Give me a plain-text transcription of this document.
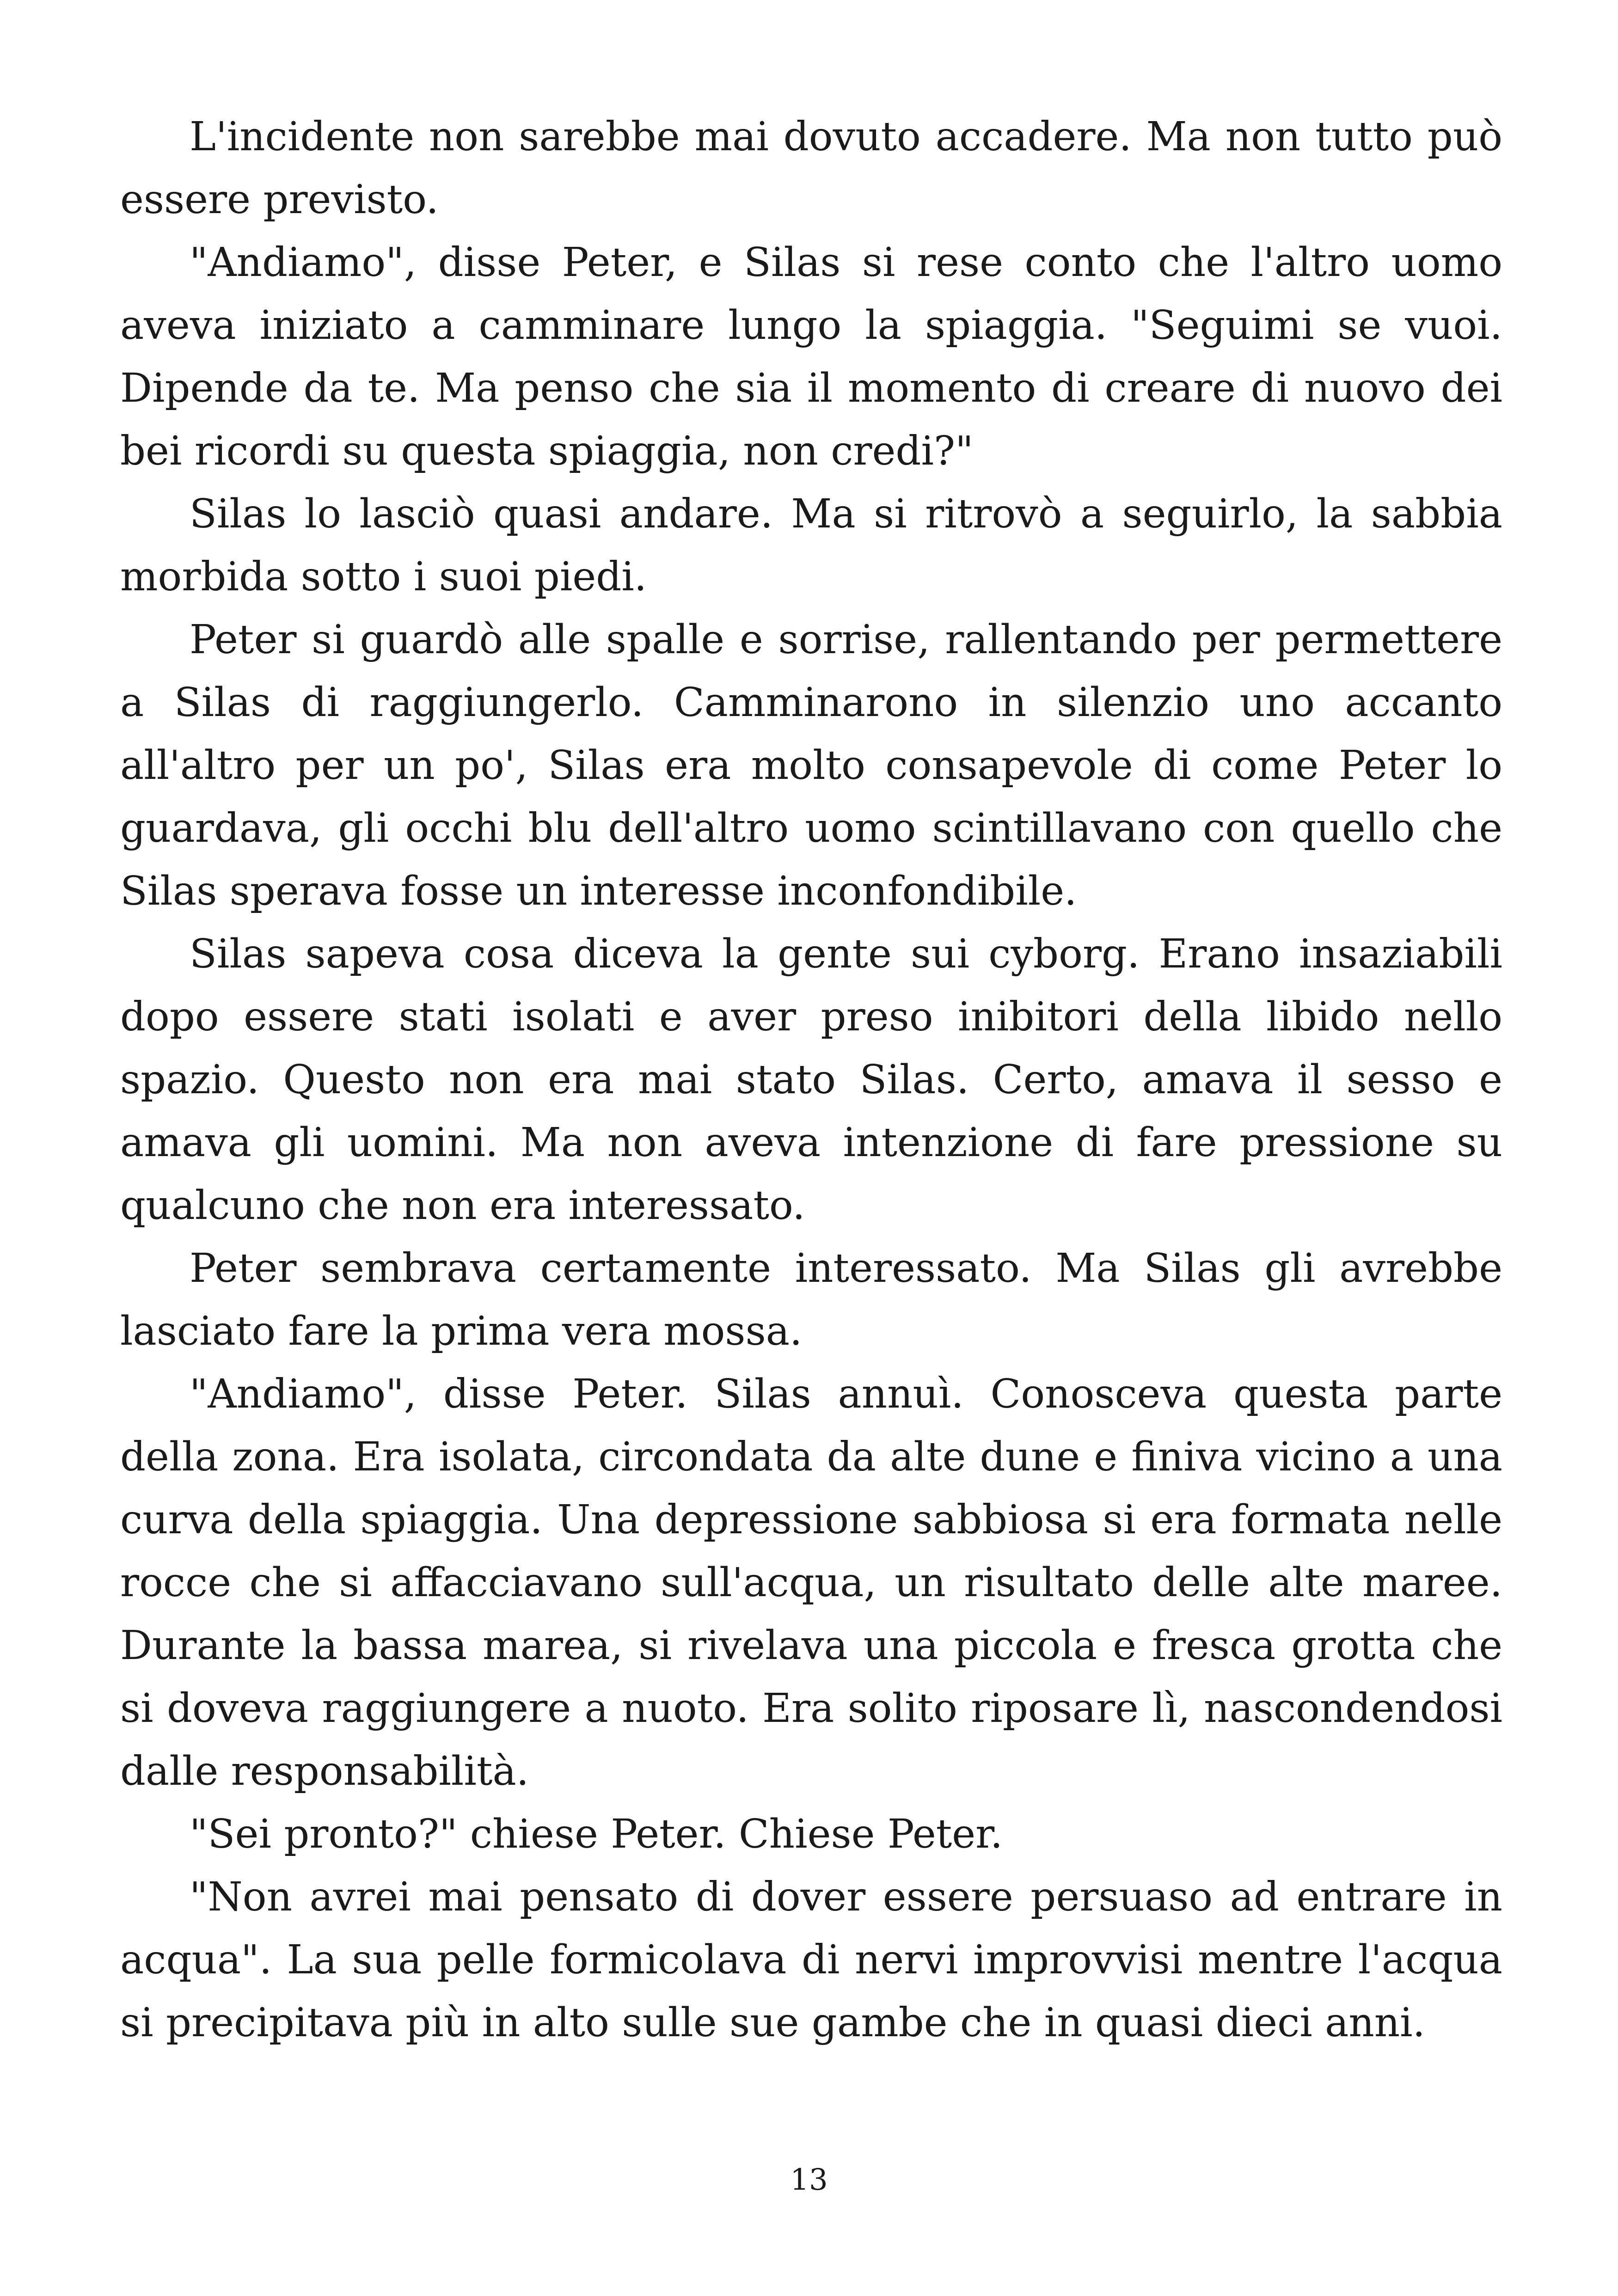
L'incidente non sarebbe mai dovuto accadere. Ma non tutto può essere previsto.

"Andiamo", disse Peter, e Silas si rese conto che l'altro uomo aveva iniziato a camminare lungo la spiaggia. "Seguimi se vuoi. Dipende da te. Ma penso che sia il momento di creare di nuovo dei bei ricordi su questa spiaggia, non credi?"

Silas lo lasciò quasi andare. Ma si ritrovò a seguirlo, la sabbia morbida sotto i suoi piedi.

Peter si guardò alle spalle e sorrise, rallentando per permettere a Silas di raggiungerlo. Camminarono in silenzio uno accanto all'altro per un po', Silas era molto consapevole di come Peter lo guardava, gli occhi blu dell'altro uomo scintillavano con quello che Silas sperava fosse un interesse inconfondibile.

Silas sapeva cosa diceva la gente sui cyborg. Erano insaziabili dopo essere stati isolati e aver preso inibitori della libido nello spazio. Questo non era mai stato Silas. Certo, amava il sesso e amava gli uomini. Ma non aveva intenzione di fare pressione su qualcuno che non era interessato.

Peter sembrava certamente interessato. Ma Silas gli avrebbe lasciato fare la prima vera mossa.

"Andiamo", disse Peter. Silas annuì. Conosceva questa parte della zona. Era isolata, circondata da alte dune e finiva vicino a una curva della spiaggia. Una depressione sabbiosa si era formata nelle rocce che si affacciavano sull'acqua, un risultato delle alte maree. Durante la bassa marea, si rivelava una piccola e fresca grotta che si doveva raggiungere a nuoto. Era solito riposare lì, nascondendosi dalle responsabilità.

"Sei pronto?" chiese Peter. Chiese Peter.

"Non avrei mai pensato di dover essere persuaso ad entrare in acqua". La sua pelle formicolava di nervi improvvisi mentre l'acqua si precipitava più in alto sulle sue gambe che in quasi dieci anni.

13
